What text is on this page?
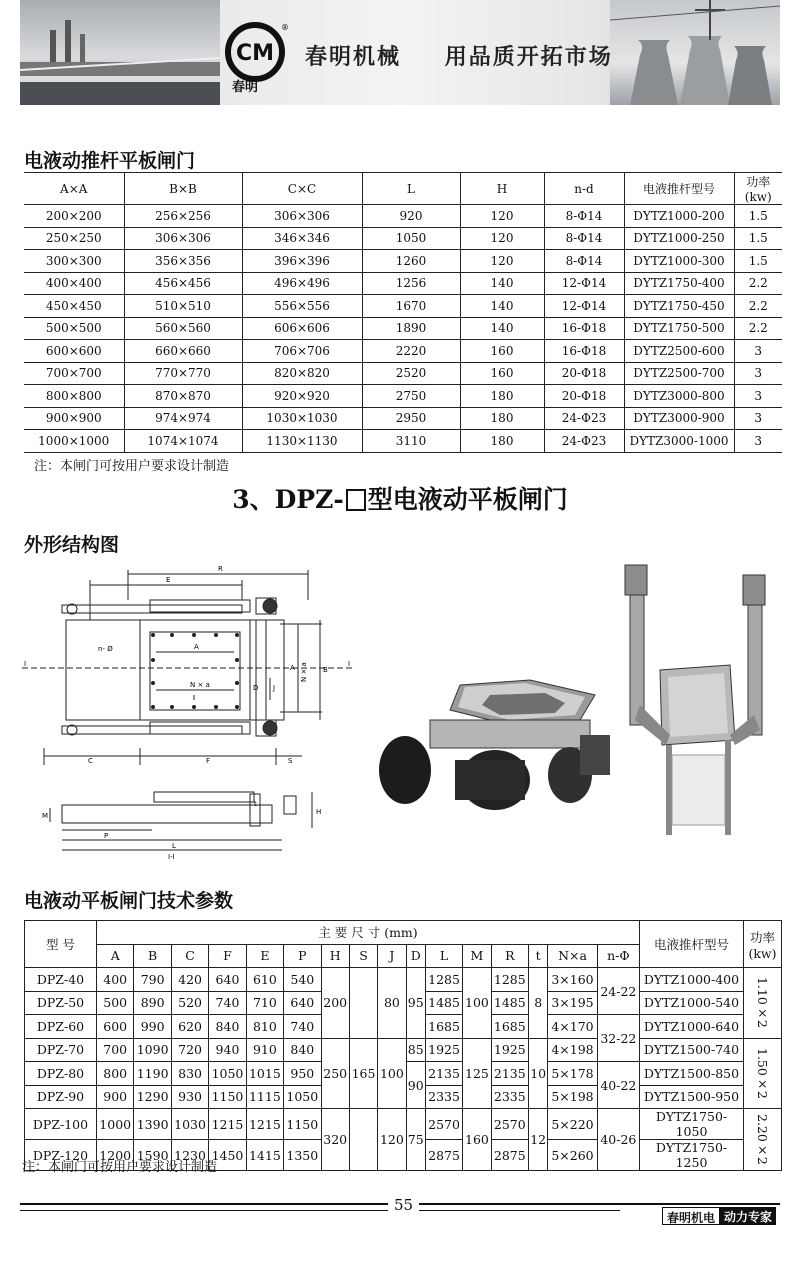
CM
®
春明
春明机械 用品质开拓市场
电液动推杆平板闸门
A×A	B×B	C×C	L	H	n-d	电液推杆型号	功率 (kw)
200×200	256×256	306×306	920	120	8-Φ14	DYTZ1000-200	1.5
250×250	306×306	346×346	1050	120	8-Φ14	DYTZ1000-250	1.5
300×300	356×356	396×396	1260	120	8-Φ14	DYTZ1000-300	1.5
400×400	456×456	496×496	1256	140	12-Φ14	DYTZ1750-400	2.2
450×450	510×510	556×556	1670	140	12-Φ14	DYTZ1750-450	2.2
500×500	560×560	606×606	1890	140	16-Φ18	DYTZ1750-500	2.2
600×600	660×660	706×706	2220	160	16-Φ18	DYTZ2500-600	3
700×700	770×770	820×820	2520	160	20-Φ18	DYTZ2500-700	3
800×800	870×870	920×920	2750	180	20-Φ18	DYTZ3000-800	3
900×900	974×974	1030×1030	2950	180	24-Φ23	DYTZ3000-900	3
1000×1000	1074×1074	1130×1130	3110	180	24-Φ23	DYTZ3000-1000	3
注：本闸门可按用户要求设计制造
3、DPZ- 型电液动平板闸门
外形结构图
R
E
A
N × a
n- Ø
D J
A	B
N × a
I	I
C	F	S
M	H
t
P
L
I-I
电液动平板闸门技术参数
型 号	主 要 尺 寸 (mm)																电液推杆型号	功率 (kw)
	A	B	C	F	E	P	H	S	J	D	L	M	R	t	N×a	n-Φ		
DPZ-40	400	790	420	640	610	540	200		80	95	1285	100	1285	8	3×160	24-22	DYTZ1000-400	1.10×2
DPZ-50	500	890	520	740	710	640					1485		1485		3×195		DYTZ1000-540	
DPZ-60	600	990	620	840	810	740					1685		1685		4×170	32-22	DYTZ1000-640	
DPZ-70	700	1090	720	940	910	840	250	165	100	85	1925	125	1925	10	4×198		DYTZ1500-740	1.50×2
DPZ-80	800	1190	830	1050	1015	950				90	2135		2135		5×178	40-22	DYTZ1500-850	
DPZ-90	900	1290	930	1150	1115	1050					2335		2335		5×198		DYTZ1500-950	
DPZ-100	1000	1390	1030	1215	1215	1150	320		120	75	2570	160	2570	12	5×220	40-26	DYTZ1750-1050	2.20×2
DPZ-120	1200	1590	1230	1450	1415	1350					2875		2875		5×260		DYTZ1750-1250	
注：本闸门可按用户要求设计制造
55
春明机电 动力专家
